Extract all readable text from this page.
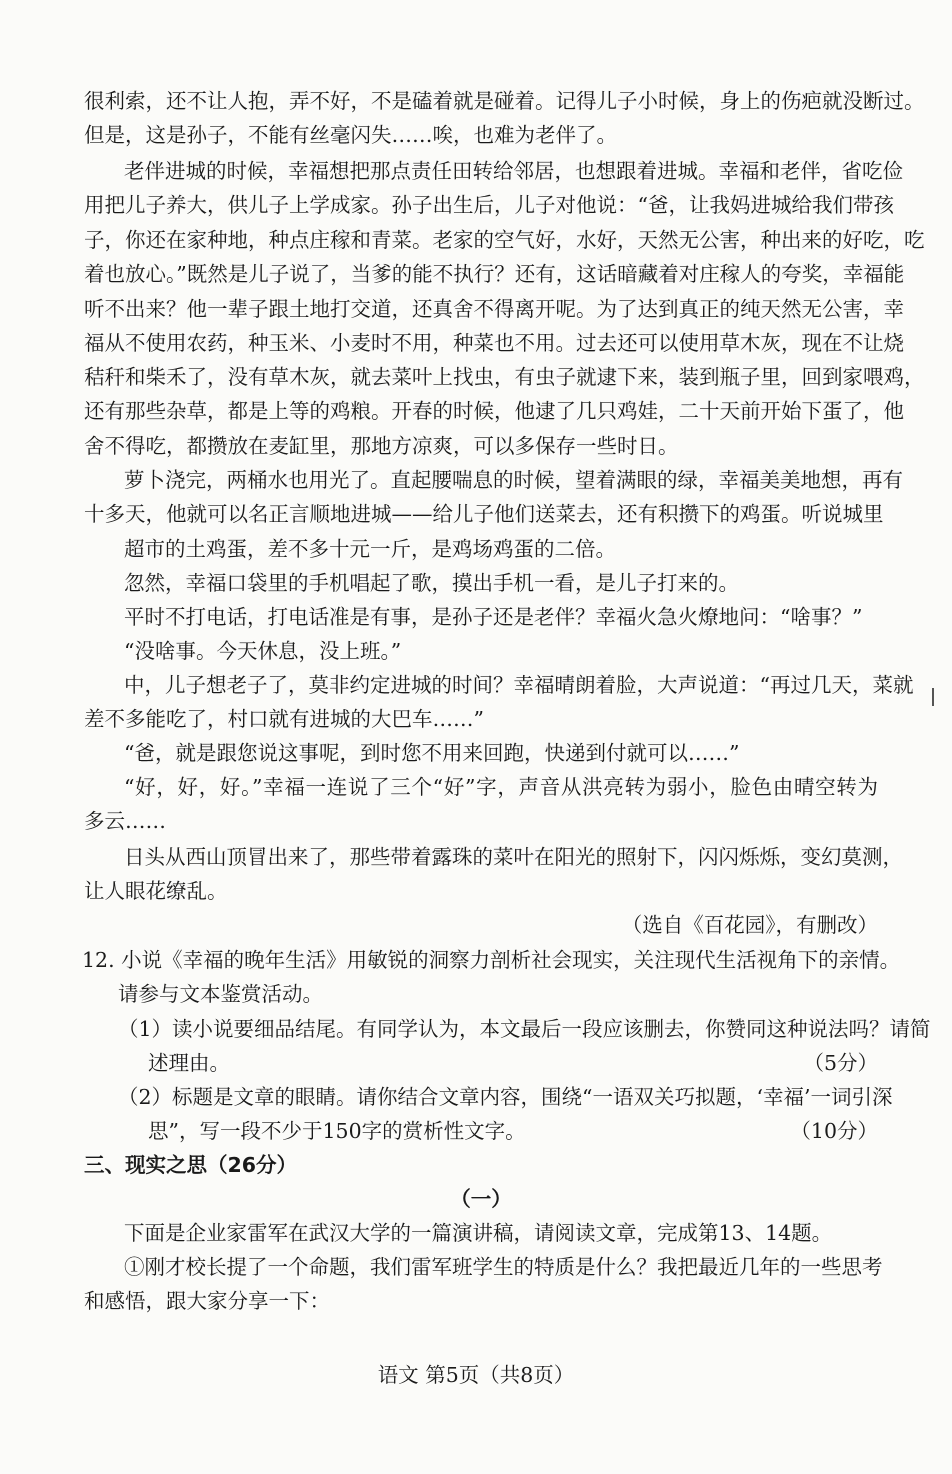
很利索，还不让人抱，弄不好，不是磕着就是碰着。记得儿子小时候，身上的伤疤就没断过。
但是，这是孙子，不能有丝毫闪失……唉，也难为老伴了。
老伴进城的时候，幸福想把那点责任田转给邻居，也想跟着进城。幸福和老伴，省吃俭
用把儿子养大，供儿子上学成家。孙子出生后，儿子对他说：“爸，让我妈进城给我们带孩
子，你还在家种地，种点庄稼和青菜。老家的空气好，水好，天然无公害，种出来的好吃，吃
着也放心。”既然是儿子说了，当爹的能不执行？还有，这话暗藏着对庄稼人的夸奖，幸福能
听不出来？他一辈子跟土地打交道，还真舍不得离开呢。为了达到真正的纯天然无公害，幸
福从不使用农药，种玉米、小麦时不用，种菜也不用。过去还可以使用草木灰，现在不让烧
秸秆和柴禾了，没有草木灰，就去菜叶上找虫，有虫子就逮下来，装到瓶子里，回到家喂鸡，
还有那些杂草，都是上等的鸡粮。开春的时候，他逮了几只鸡娃，二十天前开始下蛋了，他
舍不得吃，都攒放在麦缸里，那地方凉爽，可以多保存一些时日。
萝卜浇完，两桶水也用光了。直起腰喘息的时候，望着满眼的绿，幸福美美地想，再有
十多天，他就可以名正言顺地进城——给儿子他们送菜去，还有积攒下的鸡蛋。听说城里
超市的土鸡蛋，差不多十元一斤，是鸡场鸡蛋的二倍。
忽然，幸福口袋里的手机唱起了歌，摸出手机一看，是儿子打来的。
平时不打电话，打电话准是有事，是孙子还是老伴？幸福火急火燎地问：“啥事？”
“没啥事。今天休息，没上班。”
中，儿子想老子了，莫非约定进城的时间？幸福晴朗着脸，大声说道：“再过几天，菜就
差不多能吃了，村口就有进城的大巴车……”
“爸，就是跟您说这事呢，到时您不用来回跑，快递到付就可以……”
“好，好，好。”幸福一连说了三个“好”字，声音从洪亮转为弱小，脸色由晴空转为
多云……
日头从西山顶冒出来了，那些带着露珠的菜叶在阳光的照射下，闪闪烁烁，变幻莫测，
让人眼花缭乱。
（选自《百花园》，有删改）
12. 小说《幸福的晚年生活》用敏锐的洞察力剖析社会现实，关注现代生活视角下的亲情。
请参与文本鉴赏活动。
（1）读小说要细品结尾。有同学认为，本文最后一段应该删去，你赞同这种说法吗？请简
述理由。	（5分）
（2）标题是文章的眼睛。请你结合文章内容，围绕“一语双关巧拟题，‘幸福’一词引深
思”，写一段不少于150字的赏析性文字。	（10分）
三、现实之思（26分）
（一）
下面是企业家雷军在武汉大学的一篇演讲稿，请阅读文章，完成第13、14题。
①刚才校长提了一个命题，我们雷军班学生的特质是什么？我把最近几年的一些思考
和感悟，跟大家分享一下：
语文 第5页（共8页）
